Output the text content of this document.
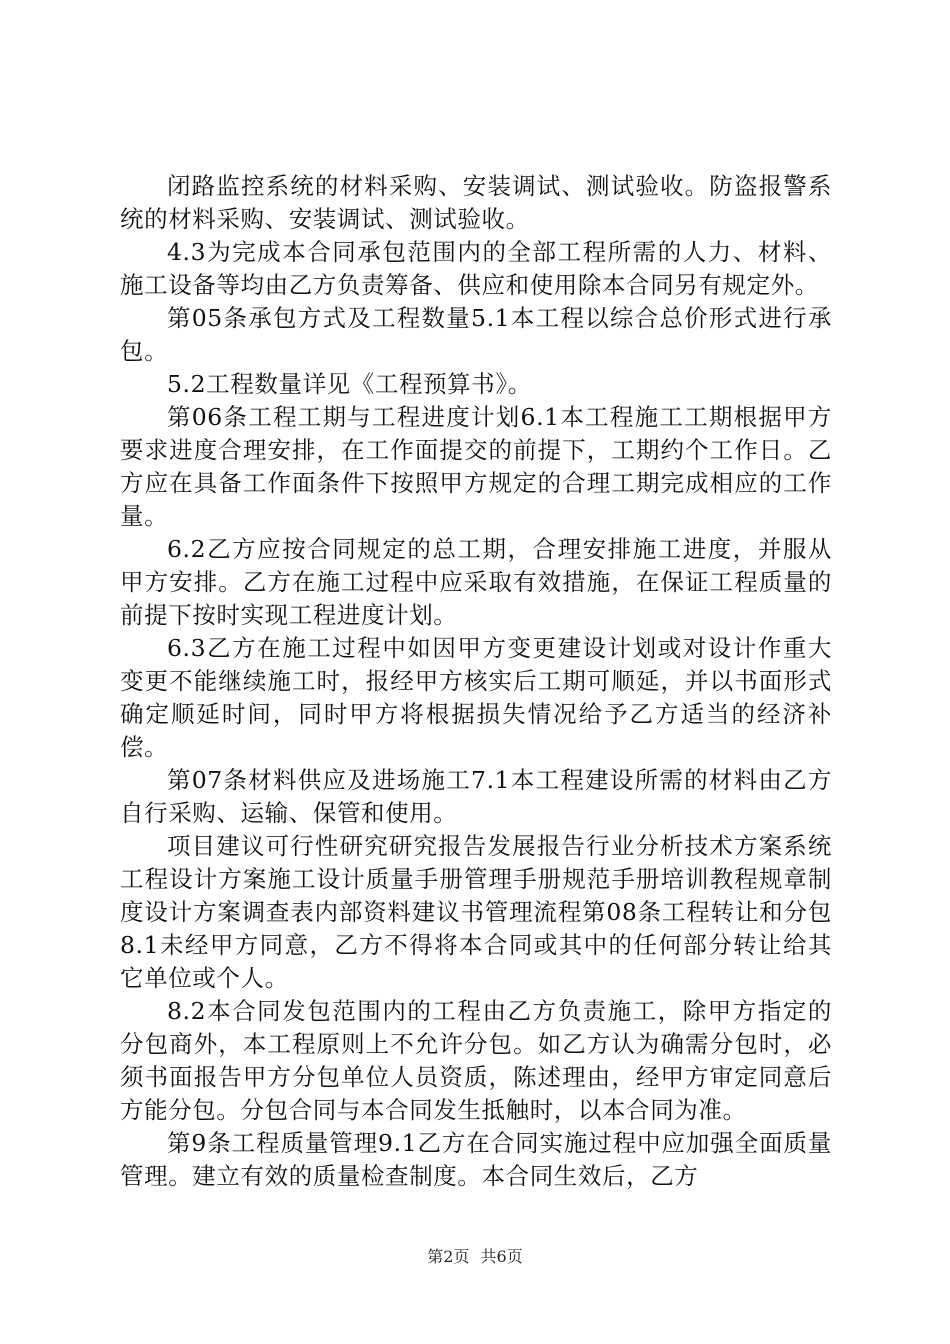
闭路监控系统的材料采购、安装调试、测试验收。防盗报警系统的材料采购、安装调试、测试验收。

4.3为完成本合同承包范围内的全部工程所需的人力、材料、施工设备等均由乙方负责筹备、供应和使用除本合同另有规定外。

第05条承包方式及工程数量5.1本工程以综合总价形式进行承包。

5.2工程数量详见《工程预算书》。

第06条工程工期与工程进度计划6.1本工程施工工期根据甲方要求进度合理安排，在工作面提交的前提下，工期约个工作日。乙方应在具备工作面条件下按照甲方规定的合理工期完成相应的工作量。

6.2乙方应按合同规定的总工期，合理安排施工进度，并服从甲方安排。乙方在施工过程中应采取有效措施，在保证工程质量的前提下按时实现工程进度计划。

6.3乙方在施工过程中如因甲方变更建设计划或对设计作重大变更不能继续施工时，报经甲方核实后工期可顺延，并以书面形式确定顺延时间，同时甲方将根据损失情况给予乙方适当的经济补偿。

第07条材料供应及进场施工7.1本工程建设所需的材料由乙方自行采购、运输、保管和使用。

项目建议可行性研究研究报告发展报告行业分析技术方案系统工程设计方案施工设计质量手册管理手册规范手册培训教程规章制度设计方案调查表内部资料建议书管理流程第08条工程转让和分包8.1未经甲方同意，乙方不得将本合同或其中的任何部分转让给其它单位或个人。

8.2本合同发包范围内的工程由乙方负责施工，除甲方指定的分包商外，本工程原则上不允许分包。如乙方认为确需分包时，必须书面报告甲方分包单位人员资质，陈述理由，经甲方审定同意后方能分包。分包合同与本合同发生抵触时，以本合同为准。

第9条工程质量管理9.1乙方在合同实施过程中应加强全面质量管理。建立有效的质量检查制度。本合同生效后，乙方

第2页 共6页
